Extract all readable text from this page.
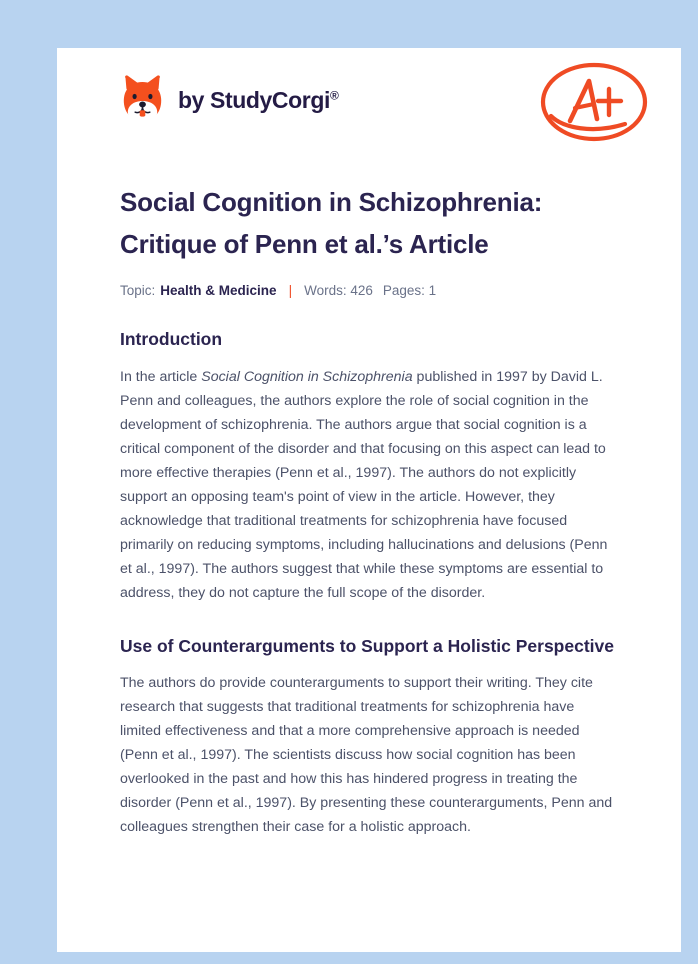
by StudyCorgi®
Social Cognition in Schizophrenia: Critique of Penn et al.’s Article
Topic: Health & Medicine | Words: 426 Pages: 1
Introduction

In the article Social Cognition in Schizophrenia published in 1997 by David L. Penn and colleagues, the authors explore the role of social cognition in the development of schizophrenia. The authors argue that social cognition is a critical component of the disorder and that focusing on this aspect can lead to more effective therapies (Penn et al., 1997). The authors do not explicitly support an opposing team's point of view in the article. However, they acknowledge that traditional treatments for schizophrenia have focused primarily on reducing symptoms, including hallucinations and delusions (Penn et al., 1997). The authors suggest that while these symptoms are essential to address, they do not capture the full scope of the disorder.

Use of Counterarguments to Support a Holistic Perspective

The authors do provide counterarguments to support their writing. They cite research that suggests that traditional treatments for schizophrenia have limited effectiveness and that a more comprehensive approach is needed (Penn et al., 1997). The scientists discuss how social cognition has been overlooked in the past and how this has hindered progress in treating the disorder (Penn et al., 1997). By presenting these counterarguments, Penn and colleagues strengthen their case for a holistic approach.
